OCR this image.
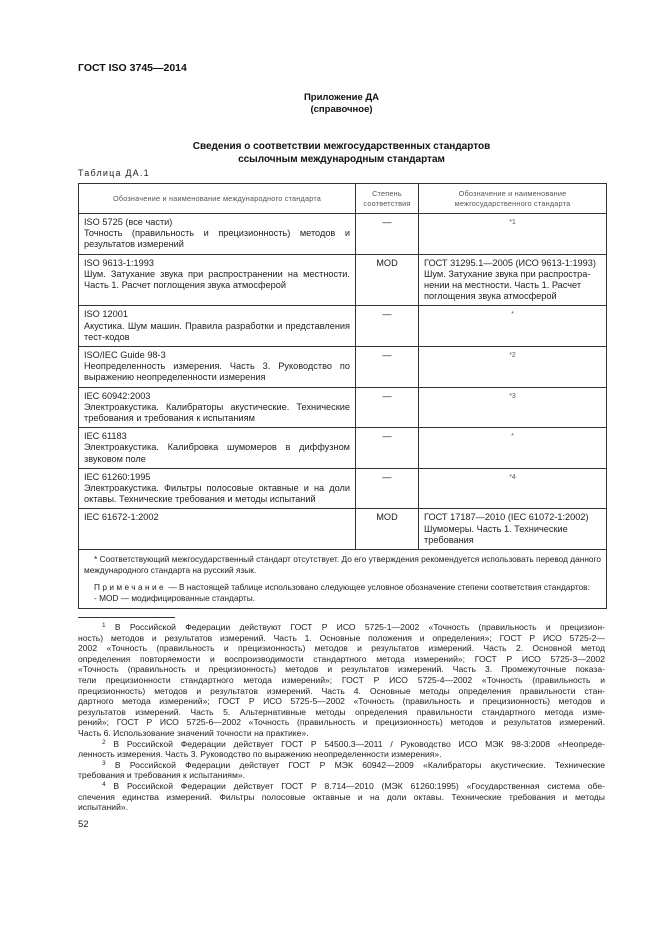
ГОСТ ISO 3745—2014
Приложение ДА
(справочное)
Сведения о соответствии межгосударственных стандартов
ссылочным международным стандартам
Таблица ДА.1
Обозначение и наименование международного стандарта	Степень соответствия	Обозначение и наименование межгосударственного стандарта

ISO 5725 (все части)
Точность (правильность и прецизионность) методов и результатов измерений	—	*1

ISO 9613-1:1993
Шум. Затухание звука при распространении на местности. Часть 1. Расчет поглощения звука атмосферой	MOD	ГОСТ 31295.1—2005 (ИСО 9613-1:1993) Шум. Затухание звука при распространении на местности. Часть 1. Расчет поглощения звука атмосферой

ISO 12001
Акустика. Шум машин. Правила разработки и представления тест-кодов	—	*

ISO/IEC Guide 98-3
Неопределенность измерения. Часть 3. Руководство по выражению неопределенности измерения	—	*2

IEC 60942:2003
Электроакустика. Калибраторы акустические. Технические требования и требования к испытаниям	—	*3

IEC 61183
Электроакустика. Калибровка шумомеров в диффузном звуковом поле	—	*

IEC 61260:1995
Электроакустика. Фильтры полосовые октавные и на доли октавы. Технические требования и методы испытаний	—	*4

IEC 61672-1:2002	MOD	ГОСТ 17187—2010 (IEC 61072-1:2002) Шумомеры. Часть 1. Технические требования

* Соответствующий межгосударственный стандарт отсутствует. До его утверждения рекомендуется использовать перевод данного международного стандарта на русский язык.

Примечание — В настоящей таблице использовано следующее условное обозначение степени соответствия стандартов:

- MOD — модифицированные стандарты.		

$^1$ В Российской Федерации действуют ГОСТ Р ИСО 5725-1—2002 «Точность (правильность и прецизион-
ность) методов и результатов измерений. Часть 1. Основные положения и определения»; ГОСТ Р ИСО 5725-2—
2002 «Точность (правильность и прецизионность) методов и результатов измерений. Часть 2. Основной метод
определения повторяемости и воспроизводимости стандартного метода измерений»; ГОСТ Р ИСО 5725-3—2002
«Точность (правильность и прецизионность) методов и результатов измерений. Часть 3. Промежуточные показа-
тели прецизионности стандартного метода измерений»; ГОСТ Р ИСО 5725-4—2002 «Точность (правильность и
прецизионность) методов и результатов измерений. Часть 4. Основные методы определения правильности стан-
дартного метода измерений»; ГОСТ Р ИСО 5725-5—2002 «Точность (правильность и прецизионность) методов и
результатов измерений. Часть 5. Альтернативные методы определения правильности стандартного метода изме-
рений»; ГОСТ Р ИСО 5725-6—2002 «Точность (правильность и прецизионность) методов и результатов измерений.
Часть 6. Использование значений точности на практике».
$^2$ В Российской Федерации действует ГОСТ Р 54500.3—2011 / Руководство ИСО МЭК 98-3:2008 «Неопреде-
ленность измерения. Часть 3. Руководство по выражению неопределенности измерения».
$^3$ В Российской Федерации действует ГОСТ Р МЭК 60942—2009 «Калибраторы акустические. Технические
требования и требования к испытаниям».
$^4$ В Российской Федерации действует ГОСТ Р 8.714—2010 (МЭК 61260:1995) «Государственная система обе-
спечения единства измерений. Фильтры полосовые октавные и на доли октавы. Технические требования и методы
испытаний».
52
